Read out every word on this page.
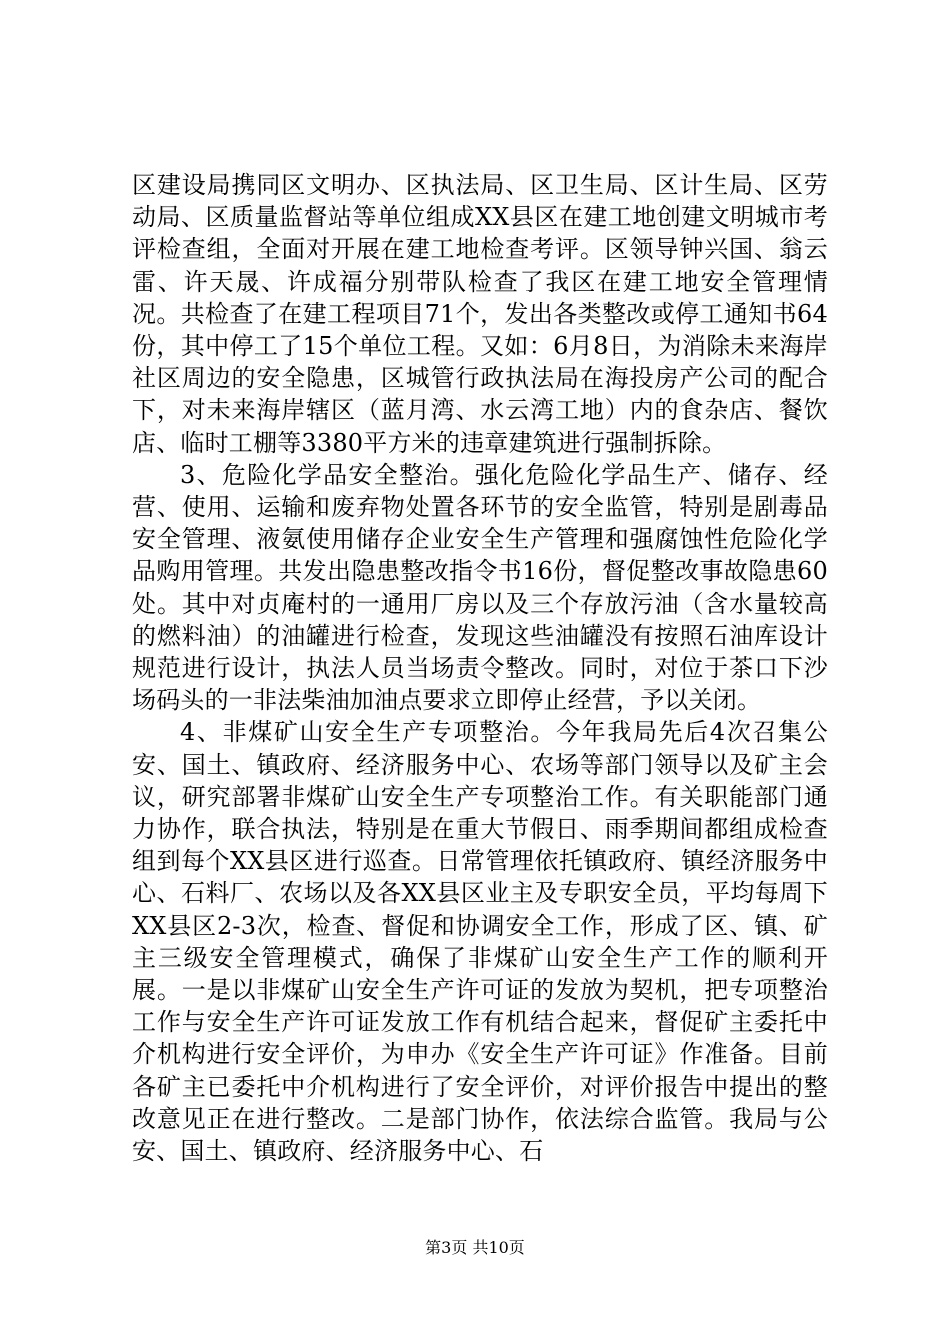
区建设局携同区文明办、区执法局、区卫生局、区计生局、区劳动局、区质量监督站等单位组成XX县区在建工地创建文明城市考评检查组，全面对开展在建工地检查考评。区领导钟兴国、翁云雷、许天晟、许成福分别带队检查了我区在建工地安全管理情况。共检查了在建工程项目71个，发出各类整改或停工通知书64份，其中停工了15个单位工程。又如：6月8日，为消除未来海岸社区周边的安全隐患，区城管行政执法局在海投房产公司的配合下，对未来海岸辖区（蓝月湾、水云湾工地）内的食杂店、餐饮店、临时工棚等3380平方米的违章建筑进行强制拆除。

3、危险化学品安全整治。强化危险化学品生产、储存、经营、使用、运输和废弃物处置各环节的安全监管，特别是剧毒品安全管理、液氨使用储存企业安全生产管理和强腐蚀性危险化学品购用管理。共发出隐患整改指令书16份，督促整改事故隐患60处。其中对贞庵村的一通用厂房以及三个存放污油（含水量较高的燃料油）的油罐进行检查，发现这些油罐没有按照石油库设计规范进行设计，执法人员当场责令整改。同时，对位于茶口下沙场码头的一非法柴油加油点要求立即停止经营，予以关闭。

4、非煤矿山安全生产专项整治。今年我局先后4次召集公安、国土、镇政府、经济服务中心、农场等部门领导以及矿主会议，研究部署非煤矿山安全生产专项整治工作。有关职能部门通力协作，联合执法，特别是在重大节假日、雨季期间都组成检查组到每个XX县区进行巡查。日常管理依托镇政府、镇经济服务中心、石料厂、农场以及各XX县区业主及专职安全员，平均每周下XX县区2-3次，检查、督促和协调安全工作，形成了区、镇、矿主三级安全管理模式，确保了非煤矿山安全生产工作的顺利开展。一是以非煤矿山安全生产许可证的发放为契机，把专项整治工作与安全生产许可证发放工作有机结合起来，督促矿主委托中介机构进行安全评价，为申办《安全生产许可证》作准备。目前各矿主已委托中介机构进行了安全评价，对评价报告中提出的整改意见正在进行整改。二是部门协作，依法综合监管。我局与公安、国土、镇政府、经济服务中心、石

第3页 共10页
